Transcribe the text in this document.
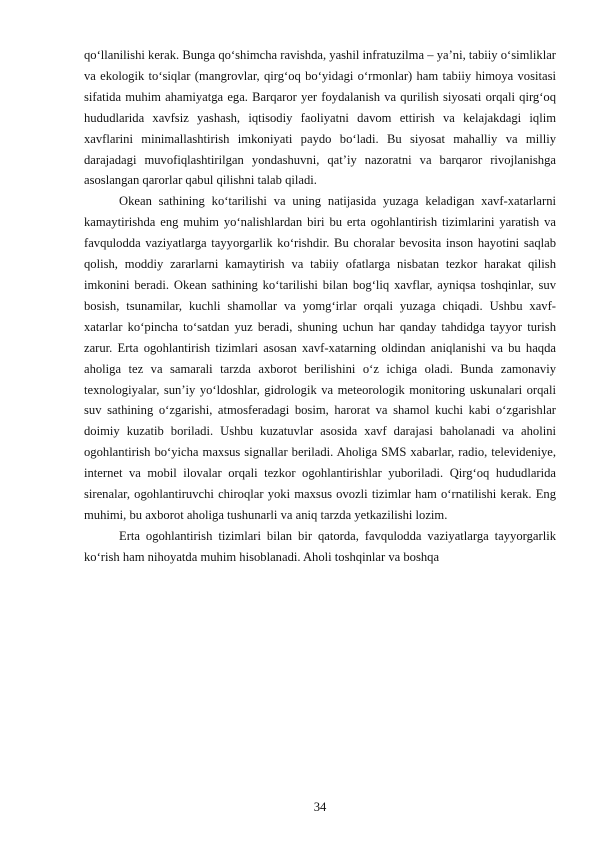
qo‘llanilishi kerak. Bunga qo‘shimcha ravishda, yashil infratuzilma – ya’ni, tabiiy o‘simliklar va ekologik to‘siqlar (mangrovlar, qirg‘oq bo‘yidagi o‘rmonlar) ham tabiiy himoya vositasi sifatida muhim ahamiyatga ega. Barqaror yer foydalanish va qurilish siyosati orqali qirg‘oq hududlarida xavfsiz yashash, iqtisodiy faoliyatni davom ettirish va kelajakdagi iqlim xavflarini minimallashtirish imkoniyati paydo bo‘ladi. Bu siyosat mahalliy va milliy darajadagi muvofiqlashtirilgan yondashuvni, qat’iy nazoratni va barqaror rivojlanishga asoslangan qarorlar qabul qilishni talab qiladi.

Okean sathining ko‘tarilishi va uning natijasida yuzaga keladigan xavf-xatarlarni kamaytirishda eng muhim yo‘nalishlardan biri bu erta ogohlantirish tizimlarini yaratish va favqulodda vaziyatlarga tayyorgarlik ko‘rishdir. Bu choralar bevosita inson hayotini saqlab qolish, moddiy zararlarni kamaytirish va tabiiy ofatlarga nisbatan tezkor harakat qilish imkonini beradi. Okean sathining ko‘tarilishi bilan bog‘liq xavflar, ayniqsa toshqinlar, suv bosish, tsunamilar, kuchli shamollar va yomg‘irlar orqali yuzaga chiqadi. Ushbu xavf-xatarlar ko‘pincha to‘satdan yuz beradi, shuning uchun har qanday tahdidga tayyor turish zarur. Erta ogohlantirish tizimlari asosan xavf-xatarning oldindan aniqlanishi va bu haqda aholiga tez va samarali tarzda axborot berilishini o‘z ichiga oladi. Bunda zamonaviy texnologiyalar, sun’iy yo‘ldoshlar, gidrologik va meteorologik monitoring uskunalari orqali suv sathining o‘zgarishi, atmosferadagi bosim, harorat va shamol kuchi kabi o‘zgarishlar doimiy kuzatib boriladi. Ushbu kuzatuvlar asosida xavf darajasi baholanadi va aholini ogohlantirish bo‘yicha maxsus signallar beriladi. Aholiga SMS xabarlar, radio, televideniye, internet va mobil ilovalar orqali tezkor ogohlantirishlar yuboriladi. Qirg‘oq hududlarida sirenalar, ogohlantiruvchi chiroqlar yoki maxsus ovozli tizimlar ham o‘rnatilishi kerak. Eng muhimi, bu axborot aholiga tushunarli va aniq tarzda yetkazilishi lozim.

Erta ogohlantirish tizimlari bilan bir qatorda, favqulodda vaziyatlarga tayyorgarlik ko‘rish ham nihoyatda muhim hisoblanadi. Aholi toshqinlar va boshqa

34
